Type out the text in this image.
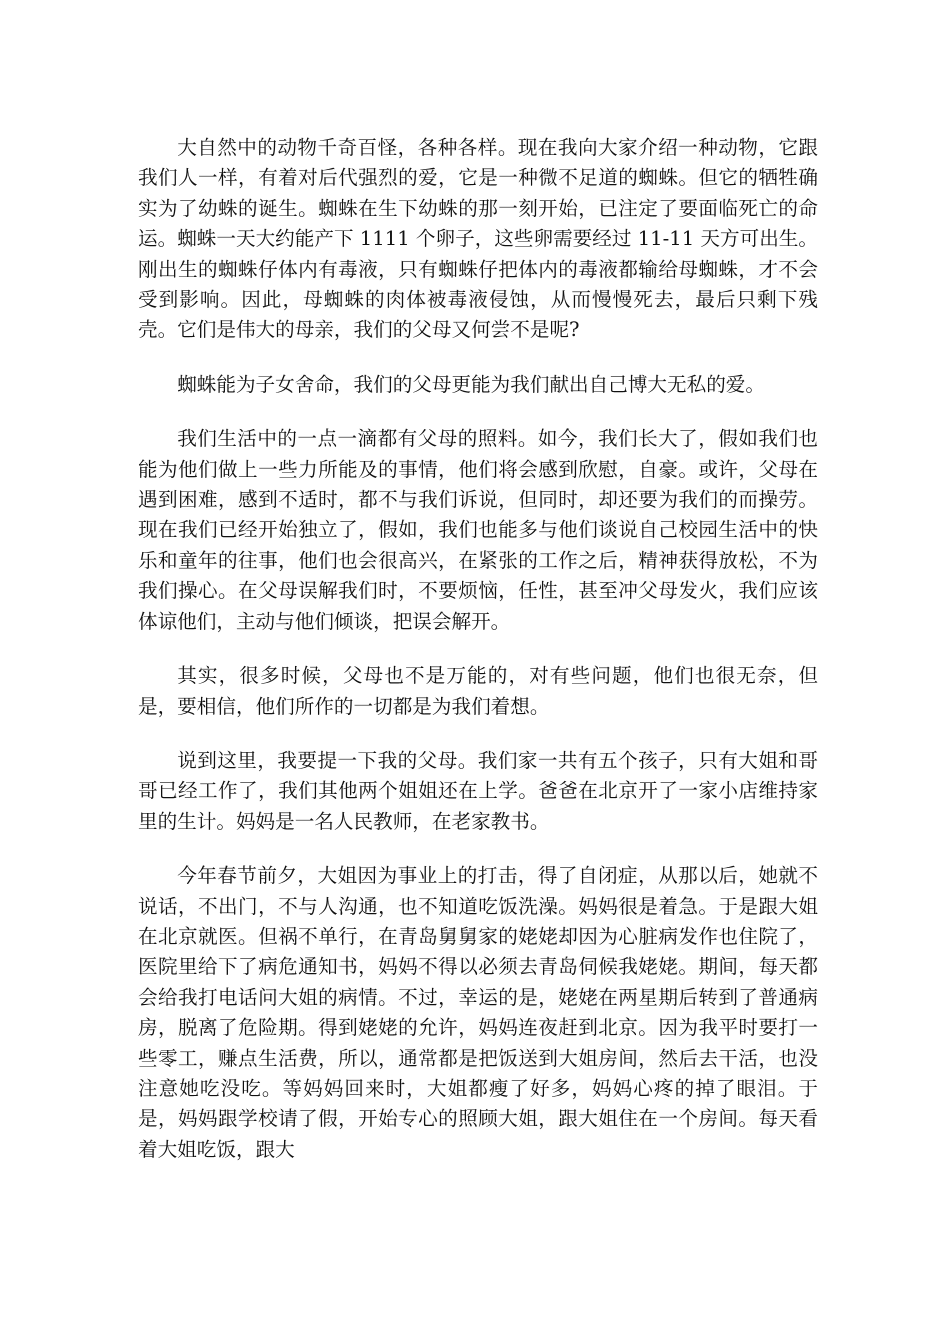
大自然中的动物千奇百怪，各种各样。现在我向大家介绍一种动物，它跟我们人一样，有着对后代强烈的爱，它是一种微不足道的蜘蛛。但它的牺牲确实为了幼蛛的诞生。蜘蛛在生下幼蛛的那一刻开始，已注定了要面临死亡的命运。蜘蛛一天大约能产下 1111 个卵子，这些卵需要经过 11-11 天方可出生。刚出生的蜘蛛仔体内有毒液，只有蜘蛛仔把体内的毒液都输给母蜘蛛，才不会受到影响。因此，母蜘蛛的肉体被毒液侵蚀，从而慢慢死去，最后只剩下残壳。它们是伟大的母亲，我们的父母又何尝不是呢?

蜘蛛能为子女舍命，我们的父母更能为我们献出自己博大无私的爱。

我们生活中的一点一滴都有父母的照料。如今，我们长大了，假如我们也能为他们做上一些力所能及的事情，他们将会感到欣慰，自豪。或许，父母在遇到困难，感到不适时，都不与我们诉说，但同时，却还要为我们的而操劳。现在我们已经开始独立了，假如，我们也能多与他们谈说自己校园生活中的快乐和童年的往事，他们也会很高兴，在紧张的工作之后，精神获得放松，不为我们操心。在父母误解我们时，不要烦恼，任性，甚至冲父母发火，我们应该体谅他们，主动与他们倾谈，把误会解开。

其实，很多时候，父母也不是万能的，对有些问题，他们也很无奈，但是，要相信，他们所作的一切都是为我们着想。

说到这里，我要提一下我的父母。我们家一共有五个孩子，只有大姐和哥哥已经工作了，我们其他两个姐姐还在上学。爸爸在北京开了一家小店维持家里的生计。妈妈是一名人民教师，在老家教书。

今年春节前夕，大姐因为事业上的打击，得了自闭症，从那以后，她就不说话，不出门，不与人沟通，也不知道吃饭洗澡。妈妈很是着急。于是跟大姐在北京就医。但祸不单行，在青岛舅舅家的姥姥却因为心脏病发作也住院了，医院里给下了病危通知书，妈妈不得以必须去青岛伺候我姥姥。期间，每天都会给我打电话问大姐的病情。不过，幸运的是，姥姥在两星期后转到了普通病房，脱离了危险期。得到姥姥的允许，妈妈连夜赶到北京。因为我平时要打一些零工，赚点生活费，所以，通常都是把饭送到大姐房间，然后去干活，也没注意她吃没吃。等妈妈回来时，大姐都瘦了好多，妈妈心疼的掉了眼泪。于是，妈妈跟学校请了假，开始专心的照顾大姐，跟大姐住在一个房间。每天看着大姐吃饭，跟大
